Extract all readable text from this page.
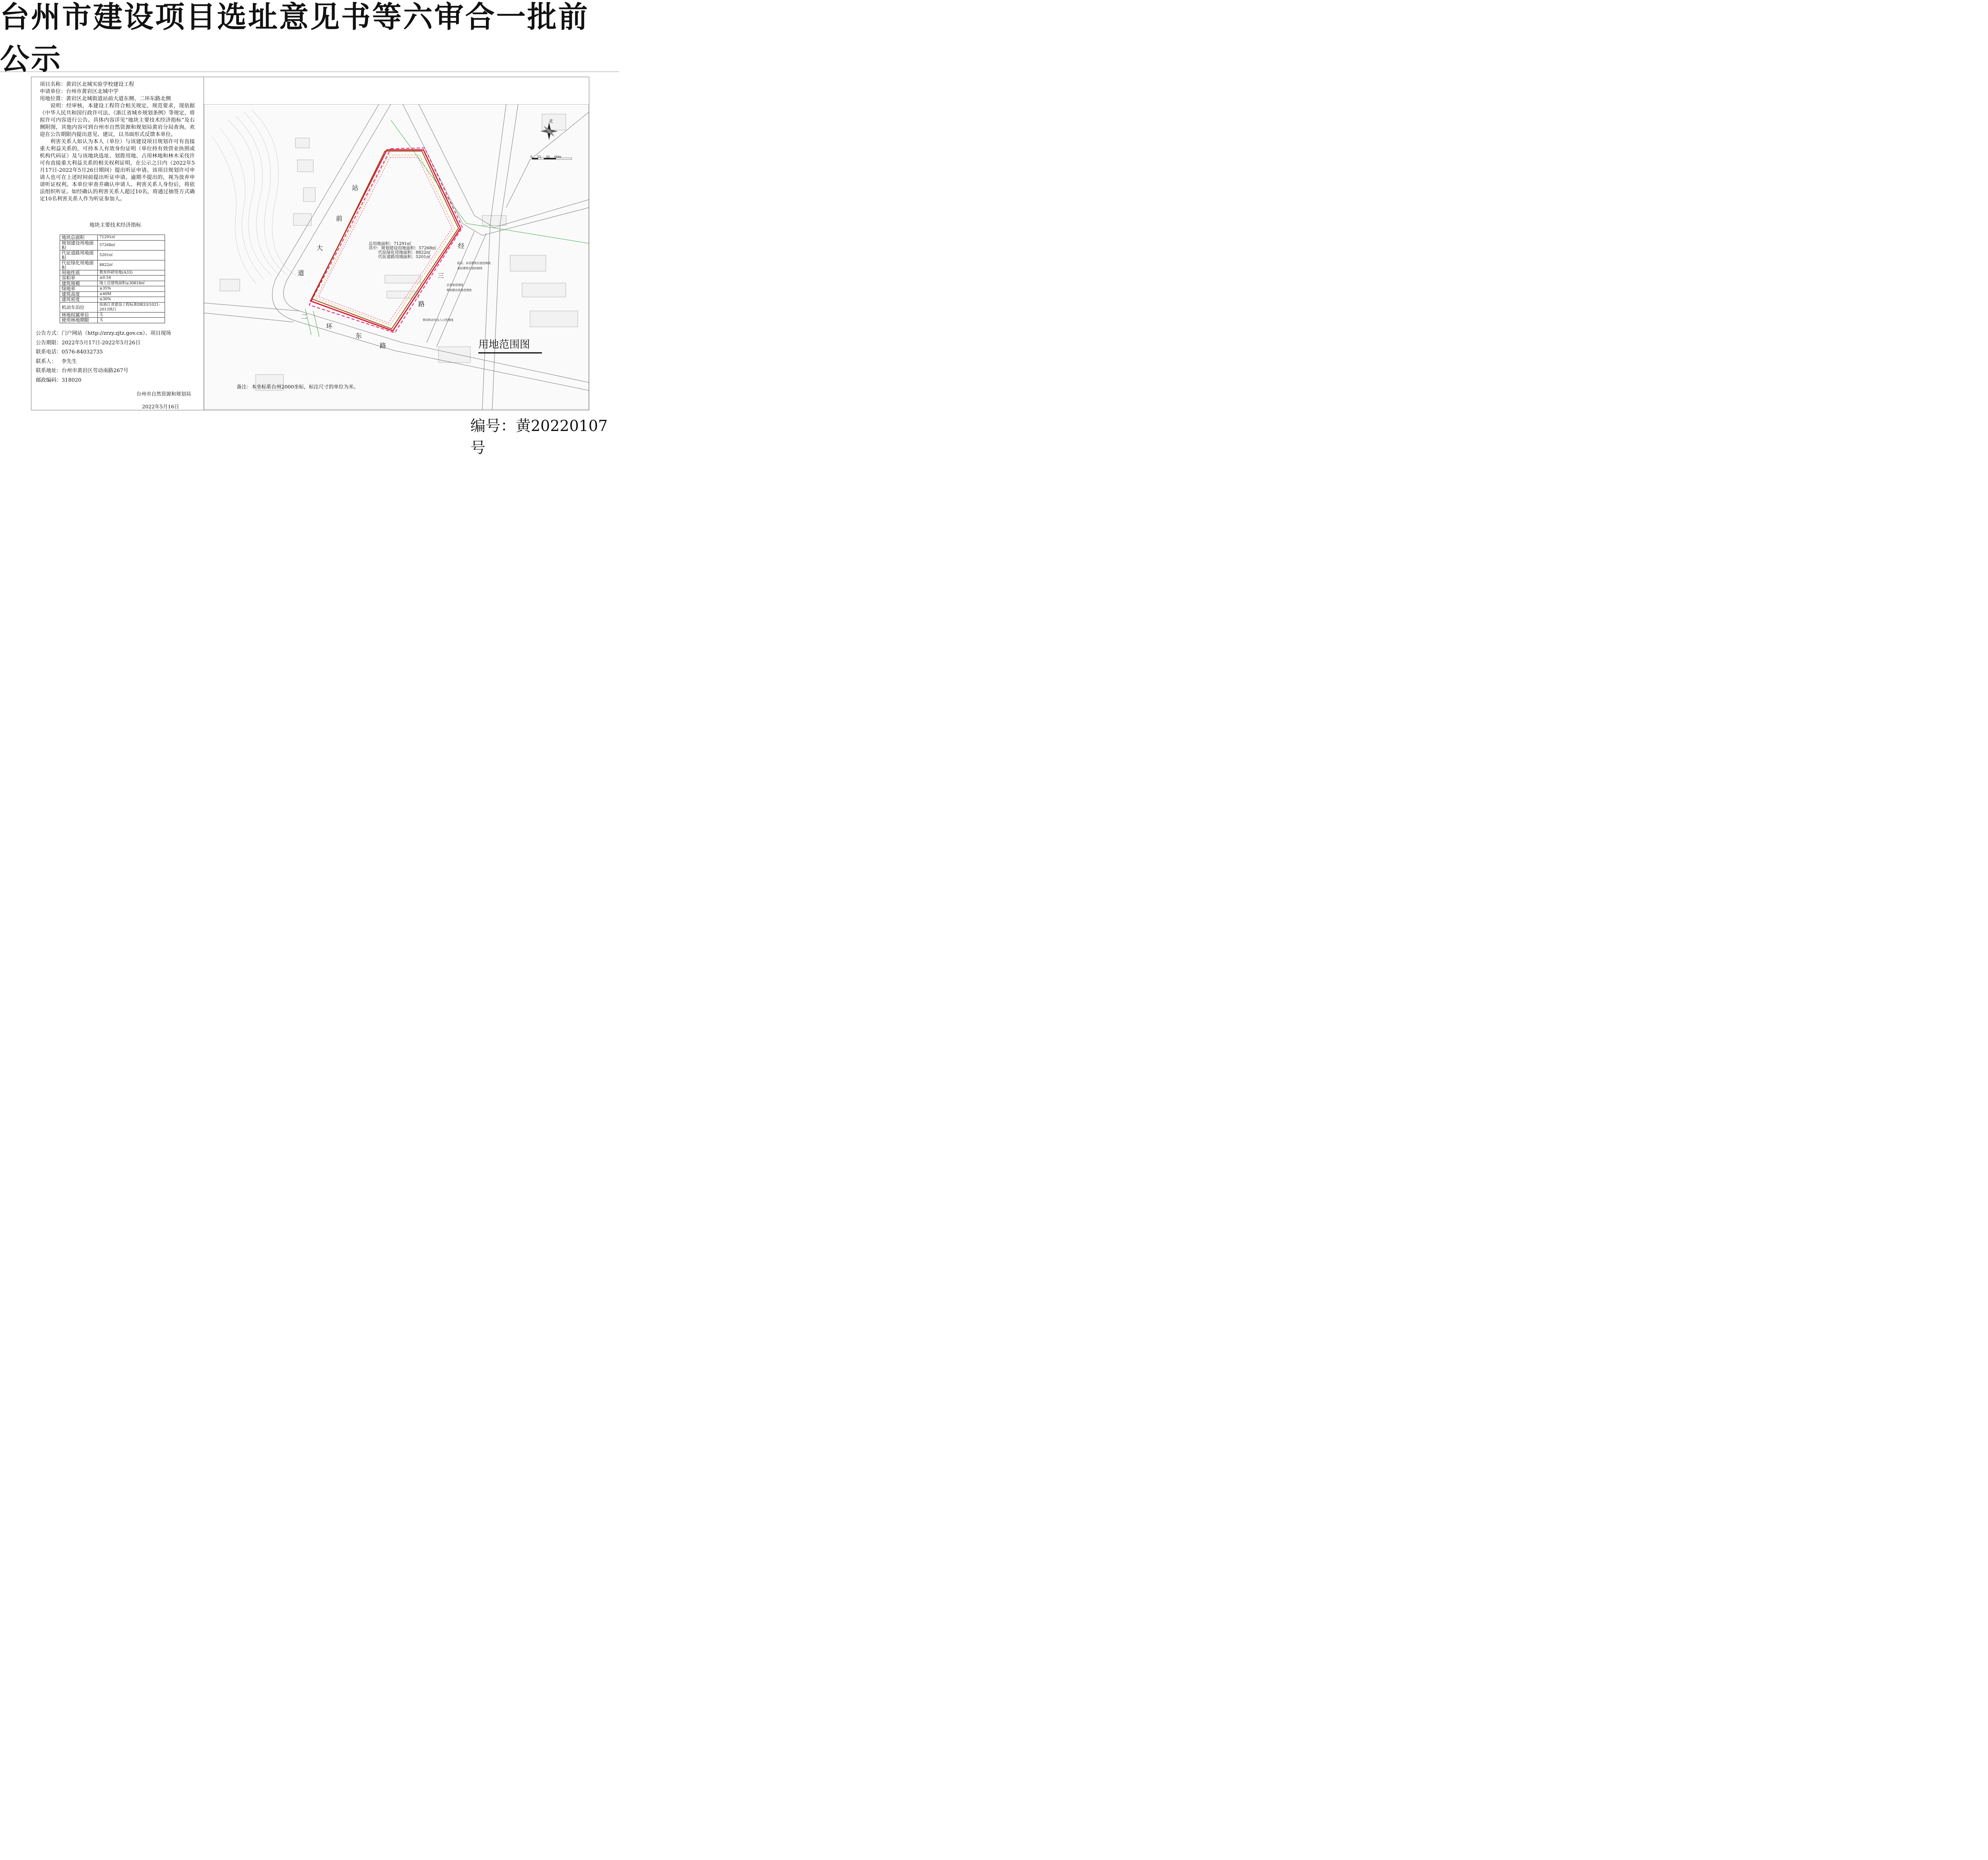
台州市建设项目选址意见书等六审合一批前公示
项目名称：黄岩区北城实验学校建设工程
申请单位：台州市黄岩区北城中学
用地位置：黄岩区北城街道站前大道东侧、二环东路北侧

说明：经审核，本建设工程符合相关规定、规范要求，现依据《中华人民共和国行政许可法、《浙江省城乡规划条例》等规定，将拟许可内容进行公告。具体内容详见“地块主要技术经济指标”及右侧附图，其他内容可到台州市自然资源和规划局黄岩分局查询。欢迎在公告期限内提出意见、建议，以书面形式反馈本单位。

利害关系人如认为本人（单位）与该建设项目规划许可有直接重大利益关系的，可持本人有效身份证明（单位持有效营业执照或机构代码证）及与该地块选址、划拨用地、占用林地和林木采伐许可有直接重大利益关系的相关权利证明，在公示之日内（2022年5月17日-2022年5月26日期间）提出听证申请。该项目规划许可申请人也可在上述时间前提出听证申请。逾期不提出的，视为放弃申请听证权利。本单位审查并确认申请人、利害关系人身份后，将依法组织听证。如经确认的利害关系人超过10名，将通过抽签方式确定10名利害关系人作为听证参加人。

地块主要技术经济指标
地块总面积	71291㎡
规划建设用地面积	57268㎡
代征道路用地面积	5201㎡
代征绿化用地面积	8822㎡
用地性质	教育科研用地(A33)
容积率	≤0.54
建筑规模	地上总建筑面积≤30818㎡
绿地率	≥35%
建筑高度	≤40M
建筑密度	≤30%
机动车泊位	按浙江省建设工程标准DB33/1021-2013执行
林地权属单位	无
使用林地期限	无
公告方式：门户网站（http://zrzy.zjtz.gov.cn）、项目现场
公告期限：2022年5月17日-2022年5月26日
联系电话：0576-84032735
联系人： 李先生
联系地址：台州市黄岩区劳动南路267号
邮政编码：318020
台州市自然资源和规划局
2022年5月16日
编号：黄20220107号
北
0 15 30 60m
站
前
大
道
二
环
东
路
经
三
路
总用地面积：71291㎡
其中：规划建设用地面积：57268㎡
代征绿化用地面积：8822㎡
代征道路用地面积：5201㎡
低层、多层建筑后退控制线
高层建筑后退控制线
总用地范围线
规划建设用地范围线
禁设机动车出入口范围线
用地范围图
备注：本坐标系台州2000坐标，标注尺寸的单位为米。
